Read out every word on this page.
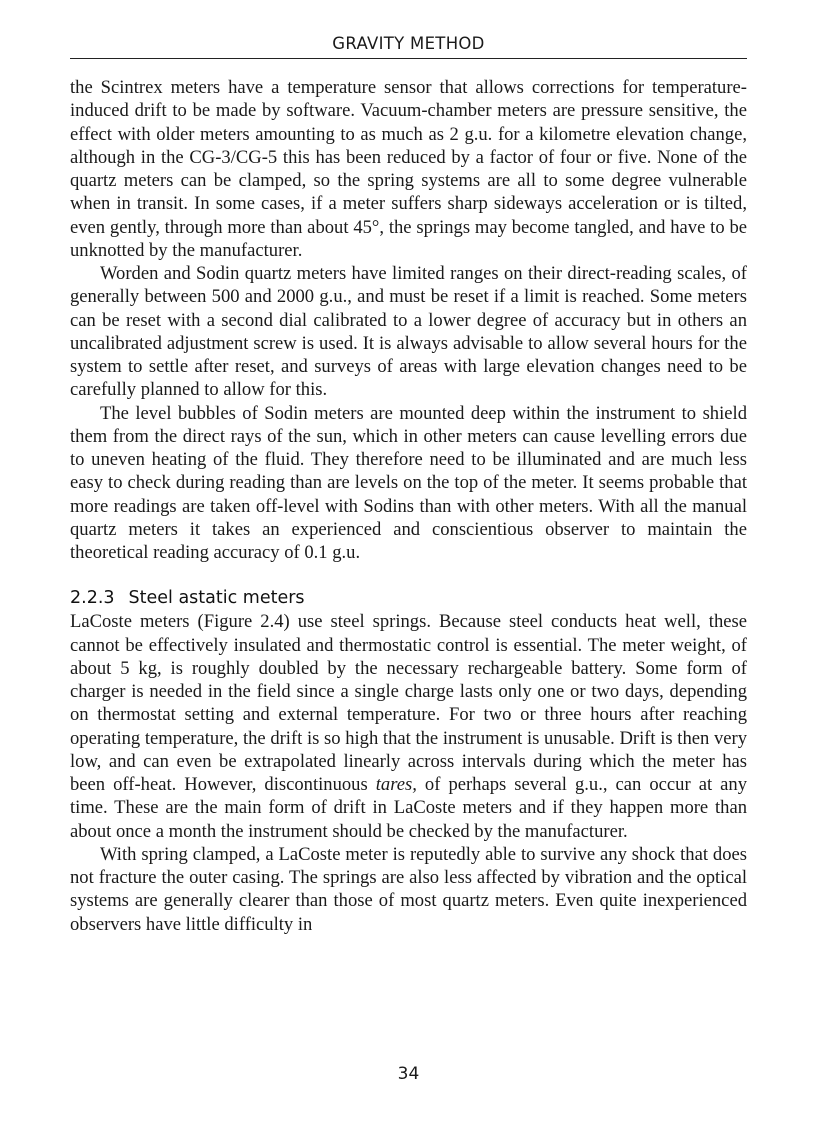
GRAVITY METHOD

the Scintrex meters have a temperature sensor that allows corrections for temperature-induced drift to be made by software. Vacuum-chamber meters are pressure sensitive, the effect with older meters amounting to as much as 2 g.u. for a kilometre elevation change, although in the CG-3/CG-5 this has been reduced by a factor of four or five. None of the quartz meters can be clamped, so the spring systems are all to some degree vulnerable when in transit. In some cases, if a meter suffers sharp sideways acceleration or is tilted, even gently, through more than about 45°, the springs may become tangled, and have to be unknotted by the manufacturer.

Worden and Sodin quartz meters have limited ranges on their direct-reading scales, of generally between 500 and 2000 g.u., and must be reset if a limit is reached. Some meters can be reset with a second dial calibrated to a lower degree of accuracy but in others an uncalibrated adjustment screw is used. It is always advisable to allow several hours for the system to settle after reset, and surveys of areas with large elevation changes need to be carefully planned to allow for this.

The level bubbles of Sodin meters are mounted deep within the instrument to shield them from the direct rays of the sun, which in other meters can cause levelling errors due to uneven heating of the fluid. They therefore need to be illuminated and are much less easy to check during reading than are levels on the top of the meter. It seems probable that more readings are taken off-level with Sodins than with other meters. With all the manual quartz meters it takes an experienced and conscientious observer to maintain the theoretical reading accuracy of 0.1 g.u.

2.2.3 Steel astatic meters

LaCoste meters (Figure 2.4) use steel springs. Because steel conducts heat well, these cannot be effectively insulated and thermostatic control is essential. The meter weight, of about 5 kg, is roughly doubled by the necessary rechargeable battery. Some form of charger is needed in the field since a single charge lasts only one or two days, depending on thermostat setting and external temperature. For two or three hours after reaching operating temperature, the drift is so high that the instrument is unusable. Drift is then very low, and can even be extrapolated linearly across intervals during which the meter has been off-heat. However, discontinuous tares, of perhaps several g.u., can occur at any time. These are the main form of drift in LaCoste meters and if they happen more than about once a month the instrument should be checked by the manufacturer.

With spring clamped, a LaCoste meter is reputedly able to survive any shock that does not fracture the outer casing. The springs are also less affected by vibration and the optical systems are generally clearer than those of most quartz meters. Even quite inexperienced observers have little difficulty in

34
